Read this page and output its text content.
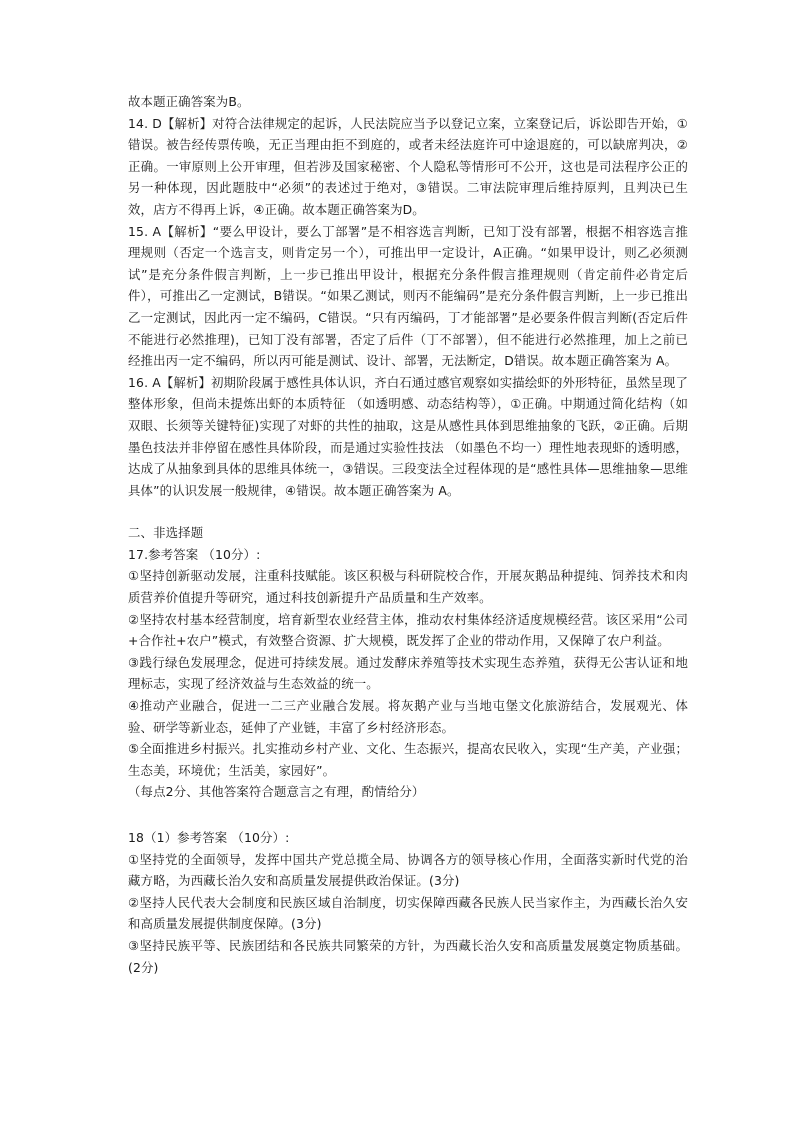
故本题正确答案为B。

14. D【解析】对符合法律规定的起诉，人民法院应当予以登记立案，立案登记后，诉讼即告开始，①错误。被告经传票传唤，无正当理由拒不到庭的，或者未经法庭许可中途退庭的，可以缺席判决，②正确。一审原则上公开审理，但若涉及国家秘密、个人隐私等情形可不公开，这也是司法程序公正的另一种体现，因此题肢中“必须”的表述过于绝对，③错误。二审法院审理后维持原判，且判决已生效，店方不得再上诉，④正确。故本题正确答案为D。

15. A【解析】“要么甲设计，要么丁部署”是不相容选言判断，已知丁没有部署，根据不相容选言推理规则（否定一个选言支，则肯定另一个），可推出甲一定设计，A正确。“如果甲设计，则乙必须测试”是充分条件假言判断，上一步已推出甲设计，根据充分条件假言推理规则（肯定前件必肯定后件），可推出乙一定测试，B错误。“如果乙测试，则丙不能编码”是充分条件假言判断，上一步已推出乙一定测试，因此丙一定不编码，C错误。“只有丙编码，丁才能部署”是必要条件假言判断(否定后件不能进行必然推理)，已知丁没有部署，否定了后件（丁不部署），但不能进行必然推理，加上之前已经推出丙一定不编码，所以丙可能是测试、设计、部署，无法断定，D错误。故本题正确答案为 A。

16. A【解析】初期阶段属于感性具体认识，齐白石通过感官观察如实描绘虾的外形特征，虽然呈现了整体形象，但尚未提炼出虾的本质特征 （如透明感、动态结构等），①正确。中期通过简化结构（如双眼、长须等关键特征)实现了对虾的共性的抽取，这是从感性具体到思维抽象的飞跃，②正确。后期墨色技法并非停留在感性具体阶段，而是通过实验性技法 （如墨色不均一）理性地表现虾的透明感，达成了从抽象到具体的思维具体统一，③错误。三段变法全过程体现的是“感性具体—思维抽象—思维具体”的认识发展一般规律，④错误。故本题正确答案为 A。

二、非选择题

17.参考答案 （10分）:

①坚持创新驱动发展，注重科技赋能。该区积极与科研院校合作，开展灰鹅品种提纯、饲养技术和肉质营养价值提升等研究，通过科技创新提升产品质量和生产效率。

②坚持农村基本经营制度，培育新型农业经营主体，推动农村集体经济适度规模经营。该区采用“公司+合作社+农户”模式，有效整合资源、扩大规模，既发挥了企业的带动作用，又保障了农户利益。

③践行绿色发展理念，促进可持续发展。通过发酵床养殖等技术实现生态养殖，获得无公害认证和地理标志，实现了经济效益与生态效益的统一。

④推动产业融合，促进一二三产业融合发展。将灰鹅产业与当地屯堡文化旅游结合，发展观光、体验、研学等新业态，延伸了产业链，丰富了乡村经济形态。

⑤全面推进乡村振兴。扎实推动乡村产业、文化、生态振兴，提高农民收入，实现“生产美，产业强；生态美，环境优；生活美，家园好”。

（每点2分、其他答案符合题意言之有理，酌情给分）

18（1）参考答案 （10分）:

①坚持党的全面领导，发挥中国共产党总揽全局、协调各方的领导核心作用，全面落实新时代党的治藏方略，为西藏长治久安和高质量发展提供政治保证。(3分)

②坚持人民代表大会制度和民族区域自治制度，切实保障西藏各民族人民当家作主，为西藏长治久安和高质量发展提供制度保障。(3分)

③坚持民族平等、民族团结和各民族共同繁荣的方针，为西藏长治久安和高质量发展奠定物质基础。(2分)
